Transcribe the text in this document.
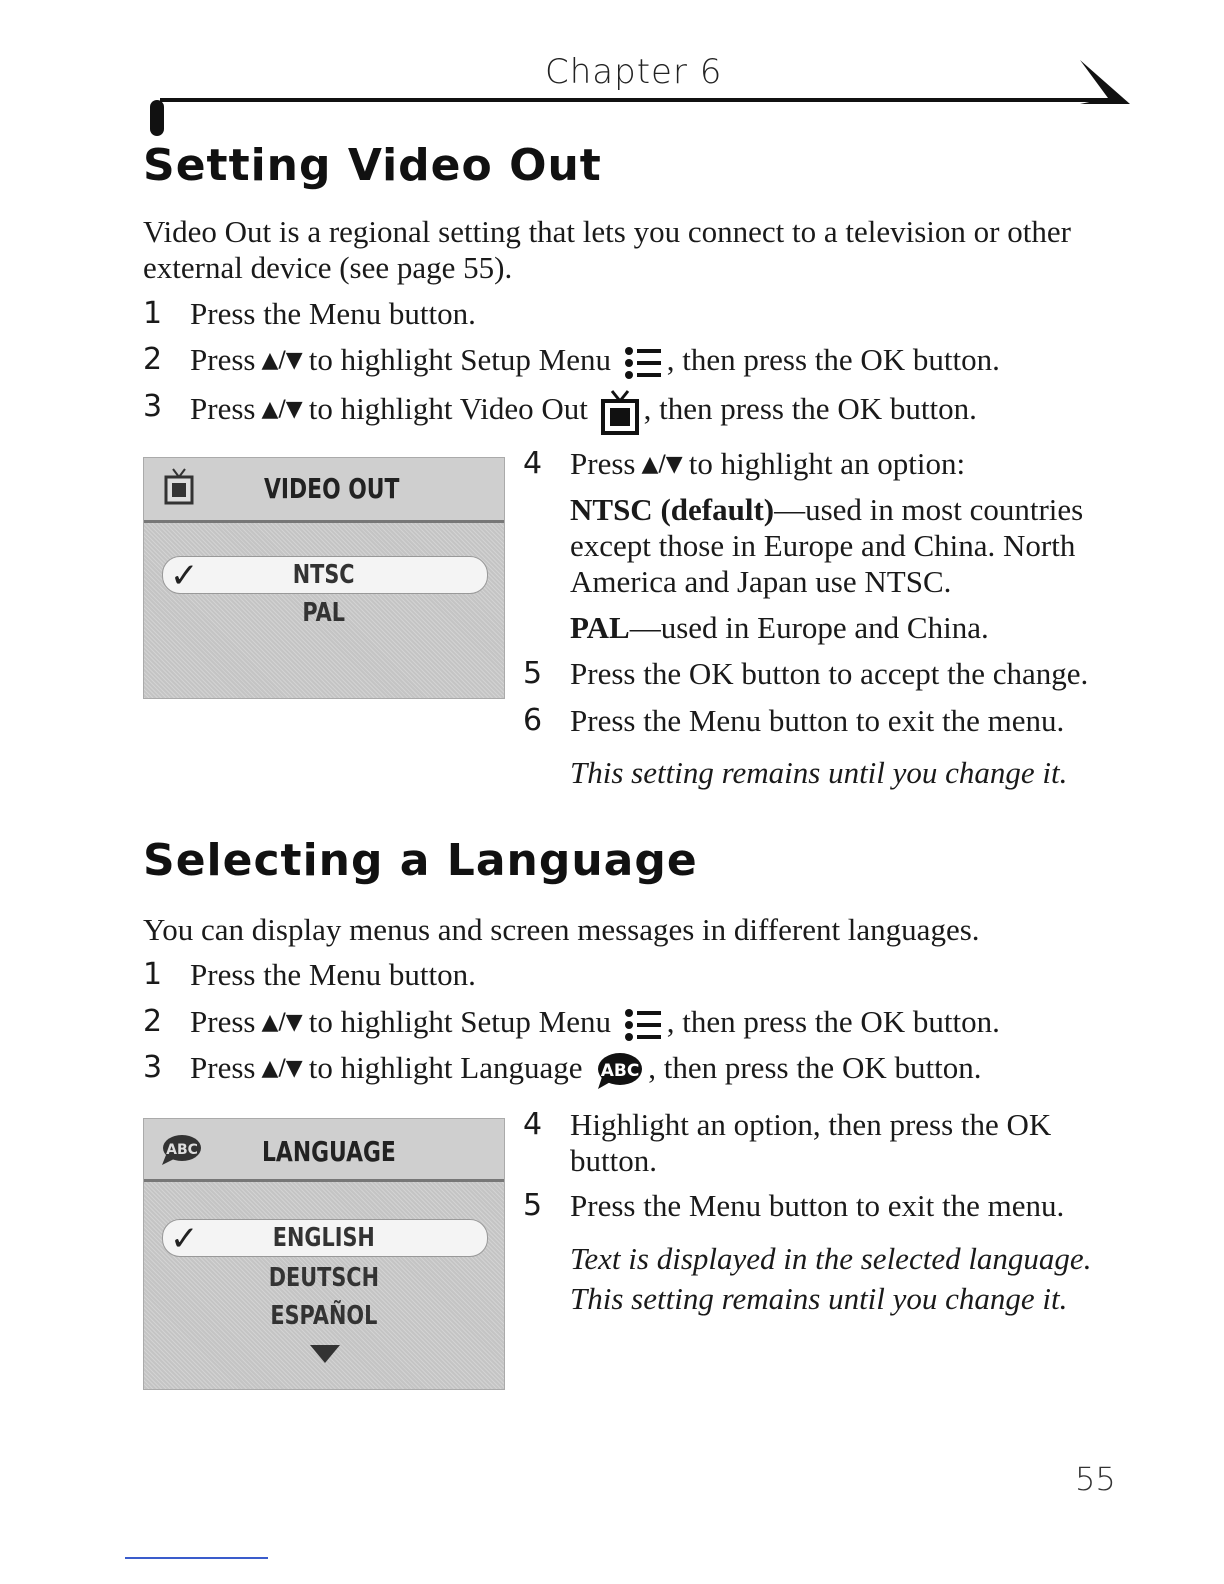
Chapter 6
Setting Video Out
Video Out is a regional setting that lets you connect to a television or other external device (see page 55).
1 Press the Menu button.
2 Press ▲/▼ to highlight Setup Menu , then press the OK button.
3 Press ▲/▼ to highlight Video Out , then press the OK button.
VIDEO OUT
✓	NTSC
PAL
4 Press ▲/▼ to highlight an option:
NTSC (default)—used in most countries except those in Europe and China. North America and Japan use NTSC.
PAL—used in Europe and China.
5 Press the OK button to accept the change.
6 Press the Menu button to exit the menu.
This setting remains until you change it.
Selecting a Language
You can display menus and screen messages in different languages.
1 Press the Menu button.
2 Press ▲/▼ to highlight Setup Menu , then press the OK button.
3 Press ▲/▼ to highlight Language ABC , then press the OK button.
ABC LANGUAGE
✓	ENGLISH
DEUTSCH
ESPAÑOL
4 Highlight an option, then press the OK button.
5 Press the Menu button to exit the menu.
Text is displayed in the selected language.
This setting remains until you change it.
55
